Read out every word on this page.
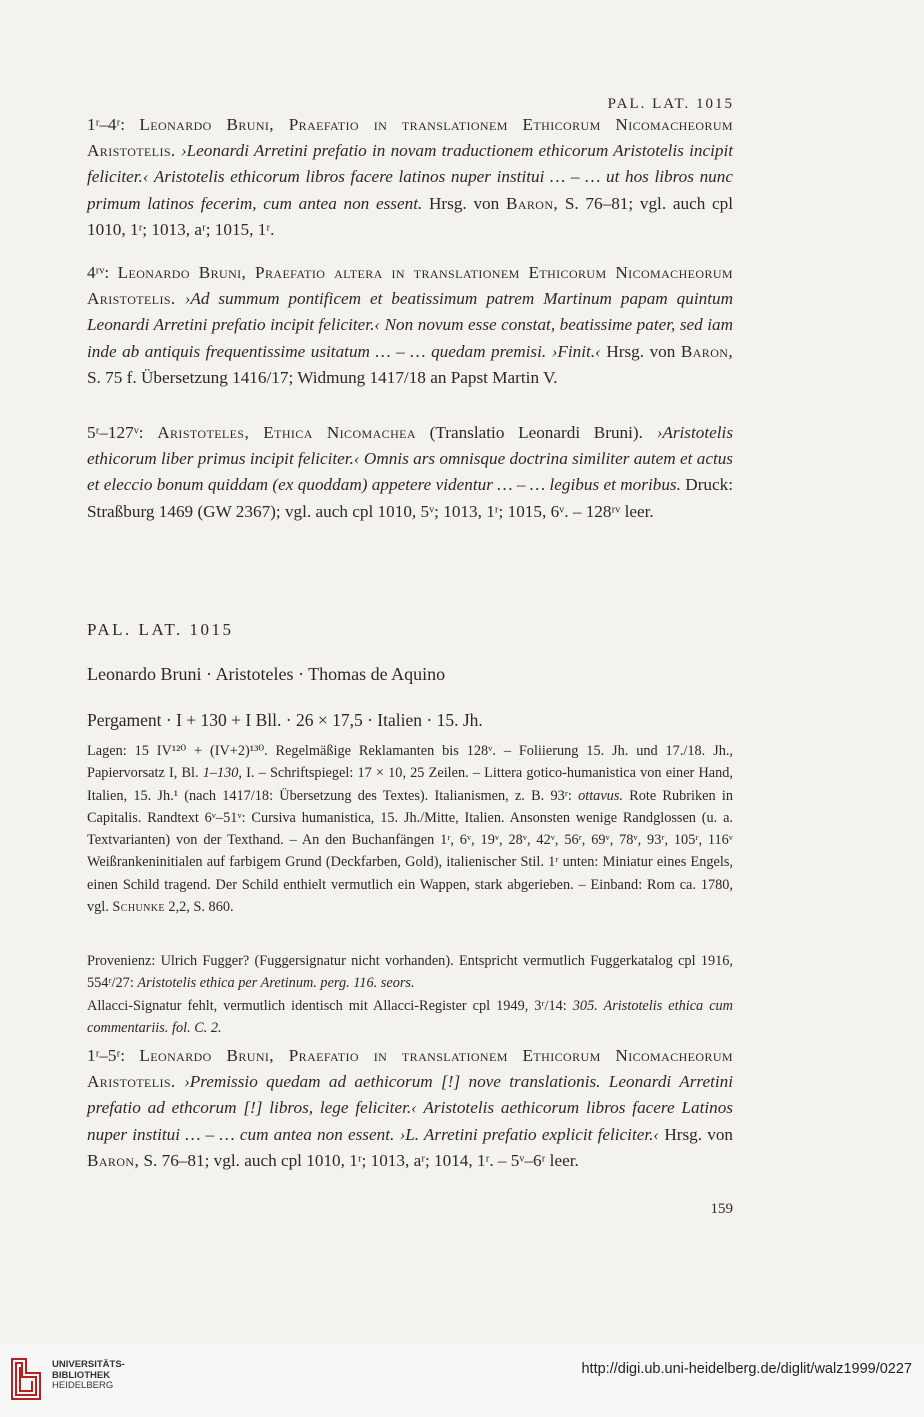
PAL. LAT. 1015

1ʳ–4ʳ: Leonardo Bruni, Praefatio in translationem Ethicorum Nicomacheorum Aristotelis. ›Leonardi Arretini prefatio in novam traductionem ethicorum Aristotelis incipit feliciter.‹ Aristotelis ethicorum libros facere latinos nuper institui … – … ut hos libros nunc primum latinos fecerim, cum antea non essent. Hrsg. von Baron, S. 76–81; vgl. auch cpl 1010, 1ʳ; 1013, aʳ; 1015, 1ʳ.

4ʳᵛ: Leonardo Bruni, Praefatio altera in translationem Ethicorum Nicomacheorum Aristotelis. ›Ad summum pontificem et beatissimum patrem Martinum papam quintum Leonardi Arretini prefatio incipit feliciter.‹ Non novum esse constat, beatissime pater, sed iam inde ab antiquis frequentissime usitatum … – … quedam premisi. ›Finit.‹ Hrsg. von Baron, S. 75 f. Übersetzung 1416/17; Widmung 1417/18 an Papst Martin V.

5ʳ–127ᵛ: Aristoteles, Ethica Nicomachea (Translatio Leonardi Bruni). ›Aristotelis ethicorum liber primus incipit feliciter.‹ Omnis ars omnisque doctrina similiter autem et actus et eleccio bonum quiddam (ex quoddam) appetere videntur … – … legibus et moribus. Druck: Straßburg 1469 (GW 2367); vgl. auch cpl 1010, 5ᵛ; 1013, 1ʳ; 1015, 6ᵛ. – 128ʳᵛ leer.

PAL. LAT. 1015
Leonardo Bruni · Aristoteles · Thomas de Aquino
Pergament · I + 130 + I Bll. · 26 × 17,5 · Italien · 15. Jh.

Lagen: 15 IV¹²⁰ + (IV+2)¹³⁰. Regelmäßige Reklamanten bis 128ᵛ. – Foliierung 15. Jh. und 17./18. Jh., Papiervorsatz I, Bl. 1–130, I. – Schriftspiegel: 17 × 10, 25 Zeilen. – Littera gotico-humanistica von einer Hand, Italien, 15. Jh.¹ (nach 1417/18: Übersetzung des Textes). Italianismen, z. B. 93ʳ: ottavus. Rote Rubriken in Capitalis. Randtext 6ᵛ–51ᵛ: Cursiva humanistica, 15. Jh./Mitte, Italien. Ansonsten wenige Randglossen (u. a. Textvarianten) von der Texthand. – An den Buchanfängen 1ʳ, 6ᵛ, 19ᵛ, 28ᵛ, 42ᵛ, 56ʳ, 69ᵛ, 78ᵛ, 93ʳ, 105ʳ, 116ᵛ Weißrankeninitialen auf farbigem Grund (Deckfarben, Gold), italienischer Stil. 1ʳ unten: Miniatur eines Engels, einen Schild tragend. Der Schild enthielt vermutlich ein Wappen, stark abgerieben. – Einband: Rom ca. 1780, vgl. Schunke 2,2, S. 860.

Provenienz: Ulrich Fugger? (Fuggersignatur nicht vorhanden). Entspricht vermutlich Fuggerkatalog cpl 1916, 554ʳ/27: Aristotelis ethica per Aretinum. perg. 116. seors.
Allacci-Signatur fehlt, vermutlich identisch mit Allacci-Register cpl 1949, 3ʳ/14: 305. Aristotelis ethica cum commentariis. fol. C. 2.

1ʳ–5ʳ: Leonardo Bruni, Praefatio in translationem Ethicorum Nicomacheorum Aristotelis. ›Premissio quedam ad aethicorum [!] nove translationis. Leonardi Arretini prefatio ad ethcorum [!] libros, lege feliciter.‹ Aristotelis aethicorum libros facere Latinos nuper institui … – … cum antea non essent. ›L. Arretini prefatio explicit feliciter.‹ Hrsg. von Baron, S. 76–81; vgl. auch cpl 1010, 1ʳ; 1013, aʳ; 1014, 1ʳ. – 5ᵛ–6ʳ leer.

159
UNIVERSITÄTS-
BIBLIOTHEK
HEIDELBERG
http://digi.ub.uni-heidelberg.de/diglit/walz1999/0227
